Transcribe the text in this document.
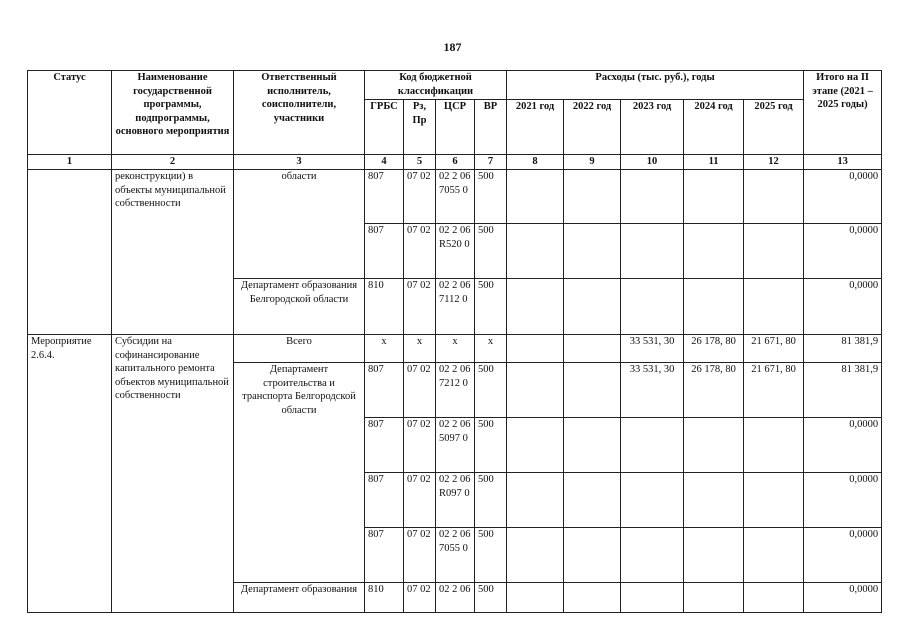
187
Статус	Наименование государственной программы, подпрограммы, основного мероприятия	Ответственный исполнитель, соисполнители, участники	Код бюджетной классификации				Расходы (тыс. руб.), годы					Итого на II этапе (2021 – 2025 годы)
			ГРБС	Рз, Пр	ЦСР	ВР	2021 год	2022 год	2023 год	2024 год	2025 год	
1	2	3	4	5	6	7	8	9	10	11	12	13
	реконструкции) в объекты муниципальной собственности	области	807	07 02	02 2 06 7055 0	500						0,0000
			807	07 02	02 2 06 R520 0	500						0,0000
		Департамент образования Белгородской области	810	07 02	02 2 06 7112 0	500						0,0000
Мероприятие 2.6.4.	Субсидии на софинансирование капитального ремонта объектов муниципальной собственности	Всего	х	х	х	х			33 531, 30	26 178, 80	21 671, 80	81 381,9
		Департамент строительства и транспорта Белгородской области	807	07 02	02 2 06 7212 0	500			33 531, 30	26 178, 80	21 671, 80	81 381,9
			807	07 02	02 2 06 5097 0	500						0,0000
			807	07 02	02 2 06 R097 0	500						0,0000
			807	07 02	02 2 06 7055 0	500						0,0000
		Департамент образования	810	07 02	02 2 06	500						0,0000
